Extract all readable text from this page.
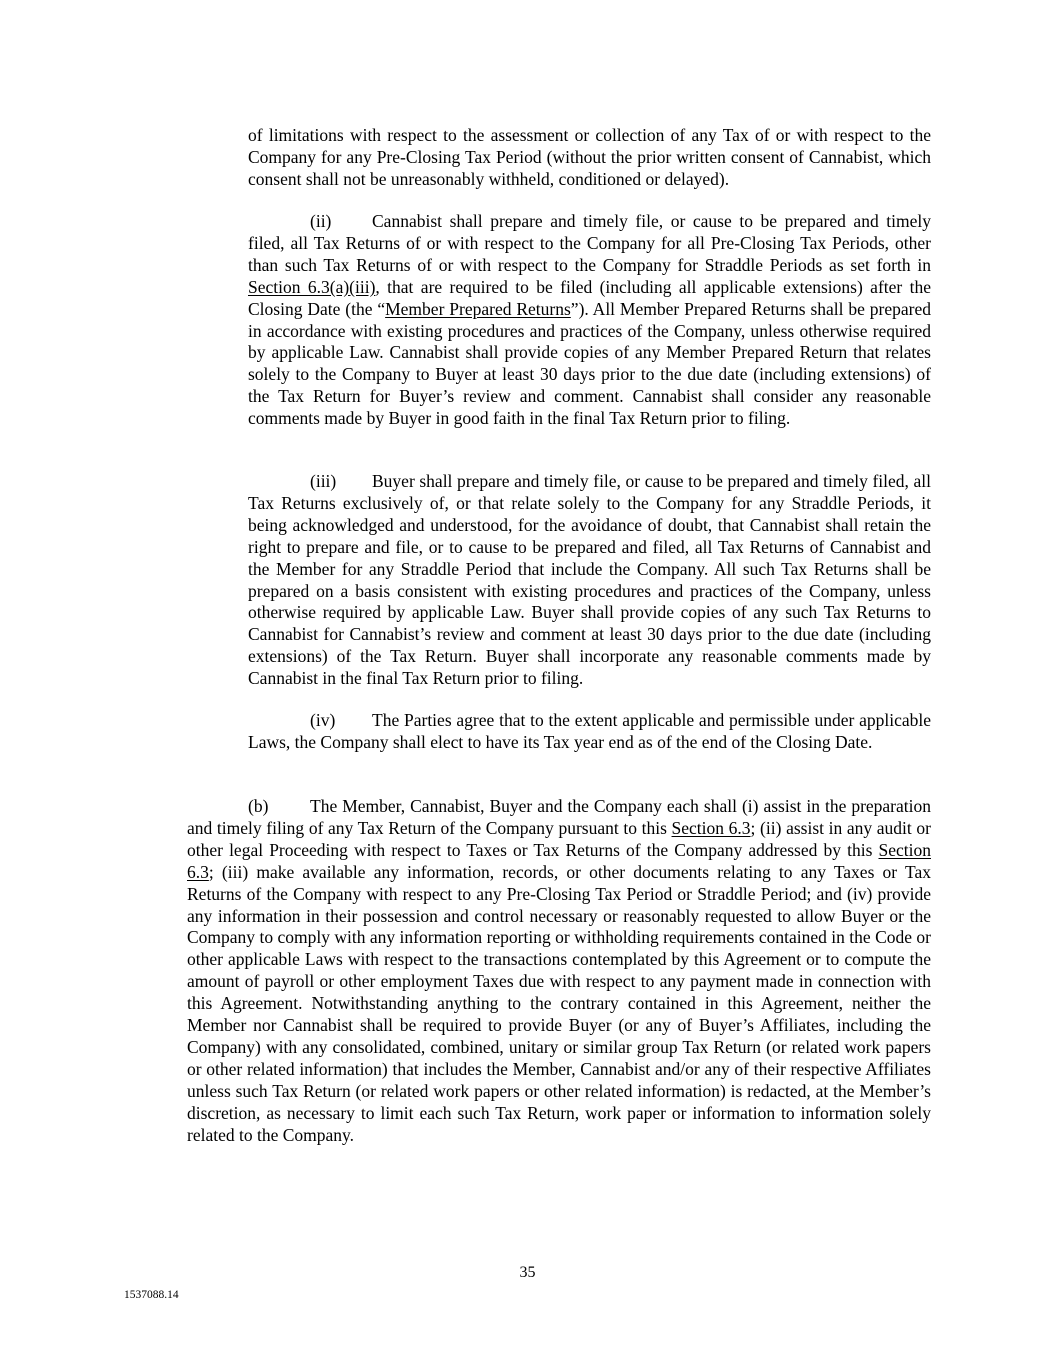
of limitations with respect to the assessment or collection of any Tax of or with respect to the Company for any Pre-Closing Tax Period (without the prior written consent of Cannabist, which consent shall not be unreasonably withheld, conditioned or delayed).

(ii) Cannabist shall prepare and timely file, or cause to be prepared and timely filed, all Tax Returns of or with respect to the Company for all Pre-Closing Tax Periods, other than such Tax Returns of or with respect to the Company for Straddle Periods as set forth in Section 6.3(a)(iii), that are required to be filed (including all applicable extensions) after the Closing Date (the “Member Prepared Returns”). All Member Prepared Returns shall be prepared in accordance with existing procedures and practices of the Company, unless otherwise required by applicable Law. Cannabist shall provide copies of any Member Prepared Return that relates solely to the Company to Buyer at least 30 days prior to the due date (including extensions) of the Tax Return for Buyer’s review and comment. Cannabist shall consider any reasonable comments made by Buyer in good faith in the final Tax Return prior to filing.

(iii) Buyer shall prepare and timely file, or cause to be prepared and timely filed, all Tax Returns exclusively of, or that relate solely to the Company for any Straddle Periods, it being acknowledged and understood, for the avoidance of doubt, that Cannabist shall retain the right to prepare and file, or to cause to be prepared and filed, all Tax Returns of Cannabist and the Member for any Straddle Period that include the Company. All such Tax Returns shall be prepared on a basis consistent with existing procedures and practices of the Company, unless otherwise required by applicable Law. Buyer shall provide copies of any such Tax Returns to Cannabist for Cannabist’s review and comment at least 30 days prior to the due date (including extensions) of the Tax Return. Buyer shall incorporate any reasonable comments made by Cannabist in the final Tax Return prior to filing.

(iv) The Parties agree that to the extent applicable and permissible under applicable Laws, the Company shall elect to have its Tax year end as of the end of the Closing Date.

(b) The Member, Cannabist, Buyer and the Company each shall (i) assist in the preparation and timely filing of any Tax Return of the Company pursuant to this Section 6.3; (ii) assist in any audit or other legal Proceeding with respect to Taxes or Tax Returns of the Company addressed by this Section 6.3; (iii) make available any information, records, or other documents relating to any Taxes or Tax Returns of the Company with respect to any Pre-Closing Tax Period or Straddle Period; and (iv) provide any information in their possession and control necessary or reasonably requested to allow Buyer or the Company to comply with any information reporting or withholding requirements contained in the Code or other applicable Laws with respect to the transactions contemplated by this Agreement or to compute the amount of payroll or other employment Taxes due with respect to any payment made in connection with this Agreement. Notwithstanding anything to the contrary contained in this Agreement, neither the Member nor Cannabist shall be required to provide Buyer (or any of Buyer’s Affiliates, including the Company) with any consolidated, combined, unitary or similar group Tax Return (or related work papers or other related information) that includes the Member, Cannabist and/or any of their respective Affiliates unless such Tax Return (or related work papers or other related information) is redacted, at the Member’s discretion, as necessary to limit each such Tax Return, work paper or information to information solely related to the Company.

35
1537088.14
